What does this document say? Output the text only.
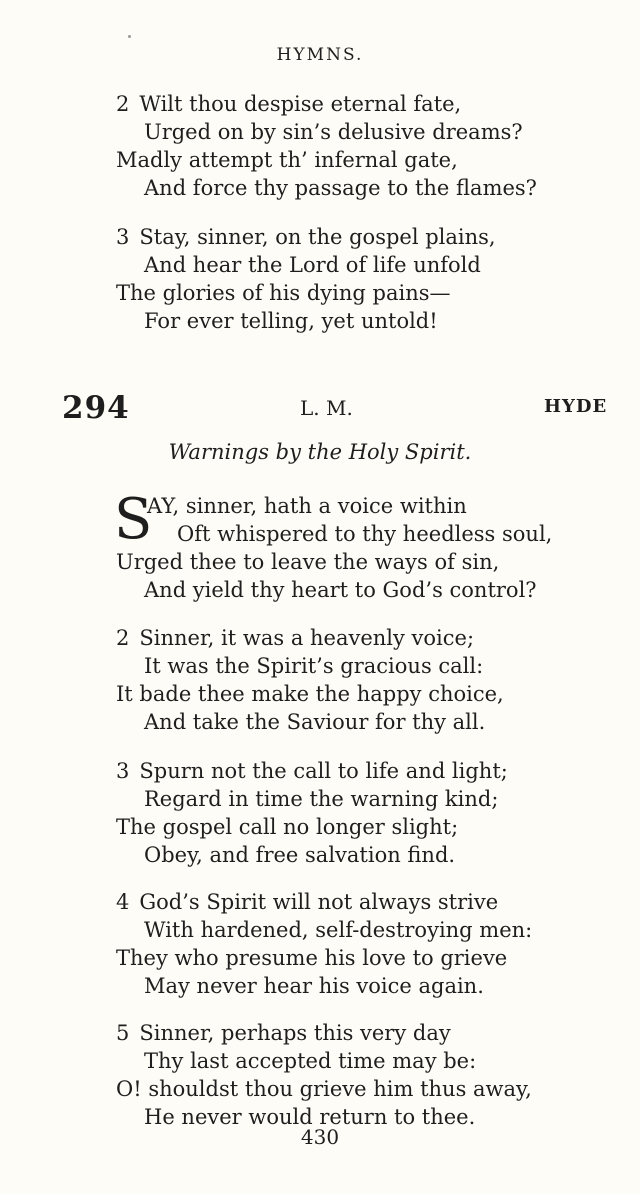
HYMNS.
2 Wilt thou despise eternal fate,
Urged on by sin’s delusive dreams?
Madly attempt th’ infernal gate,
And force thy passage to the flames?
3 Stay, sinner, on the gospel plains,
And hear the Lord of life unfold
The glories of his dying pains—
For ever telling, yet untold!
294	L. M.	HYDE
Warnings by the Holy Spirit.
S
AY, sinner, hath a voice within
Oft whispered to thy heedless soul,
Urged thee to leave the ways of sin,
And yield thy heart to God’s control?
2 Sinner, it was a heavenly voice;
It was the Spirit’s gracious call:
It bade thee make the happy choice,
And take the Saviour for thy all.
3 Spurn not the call to life and light;
Regard in time the warning kind;
The gospel call no longer slight;
Obey, and free salvation find.
4 God’s Spirit will not always strive
With hardened, self-destroying men:
They who presume his love to grieve
May never hear his voice again.
5 Sinner, perhaps this very day
Thy last accepted time may be:
O! shouldst thou grieve him thus away,
He never would return to thee.
430
